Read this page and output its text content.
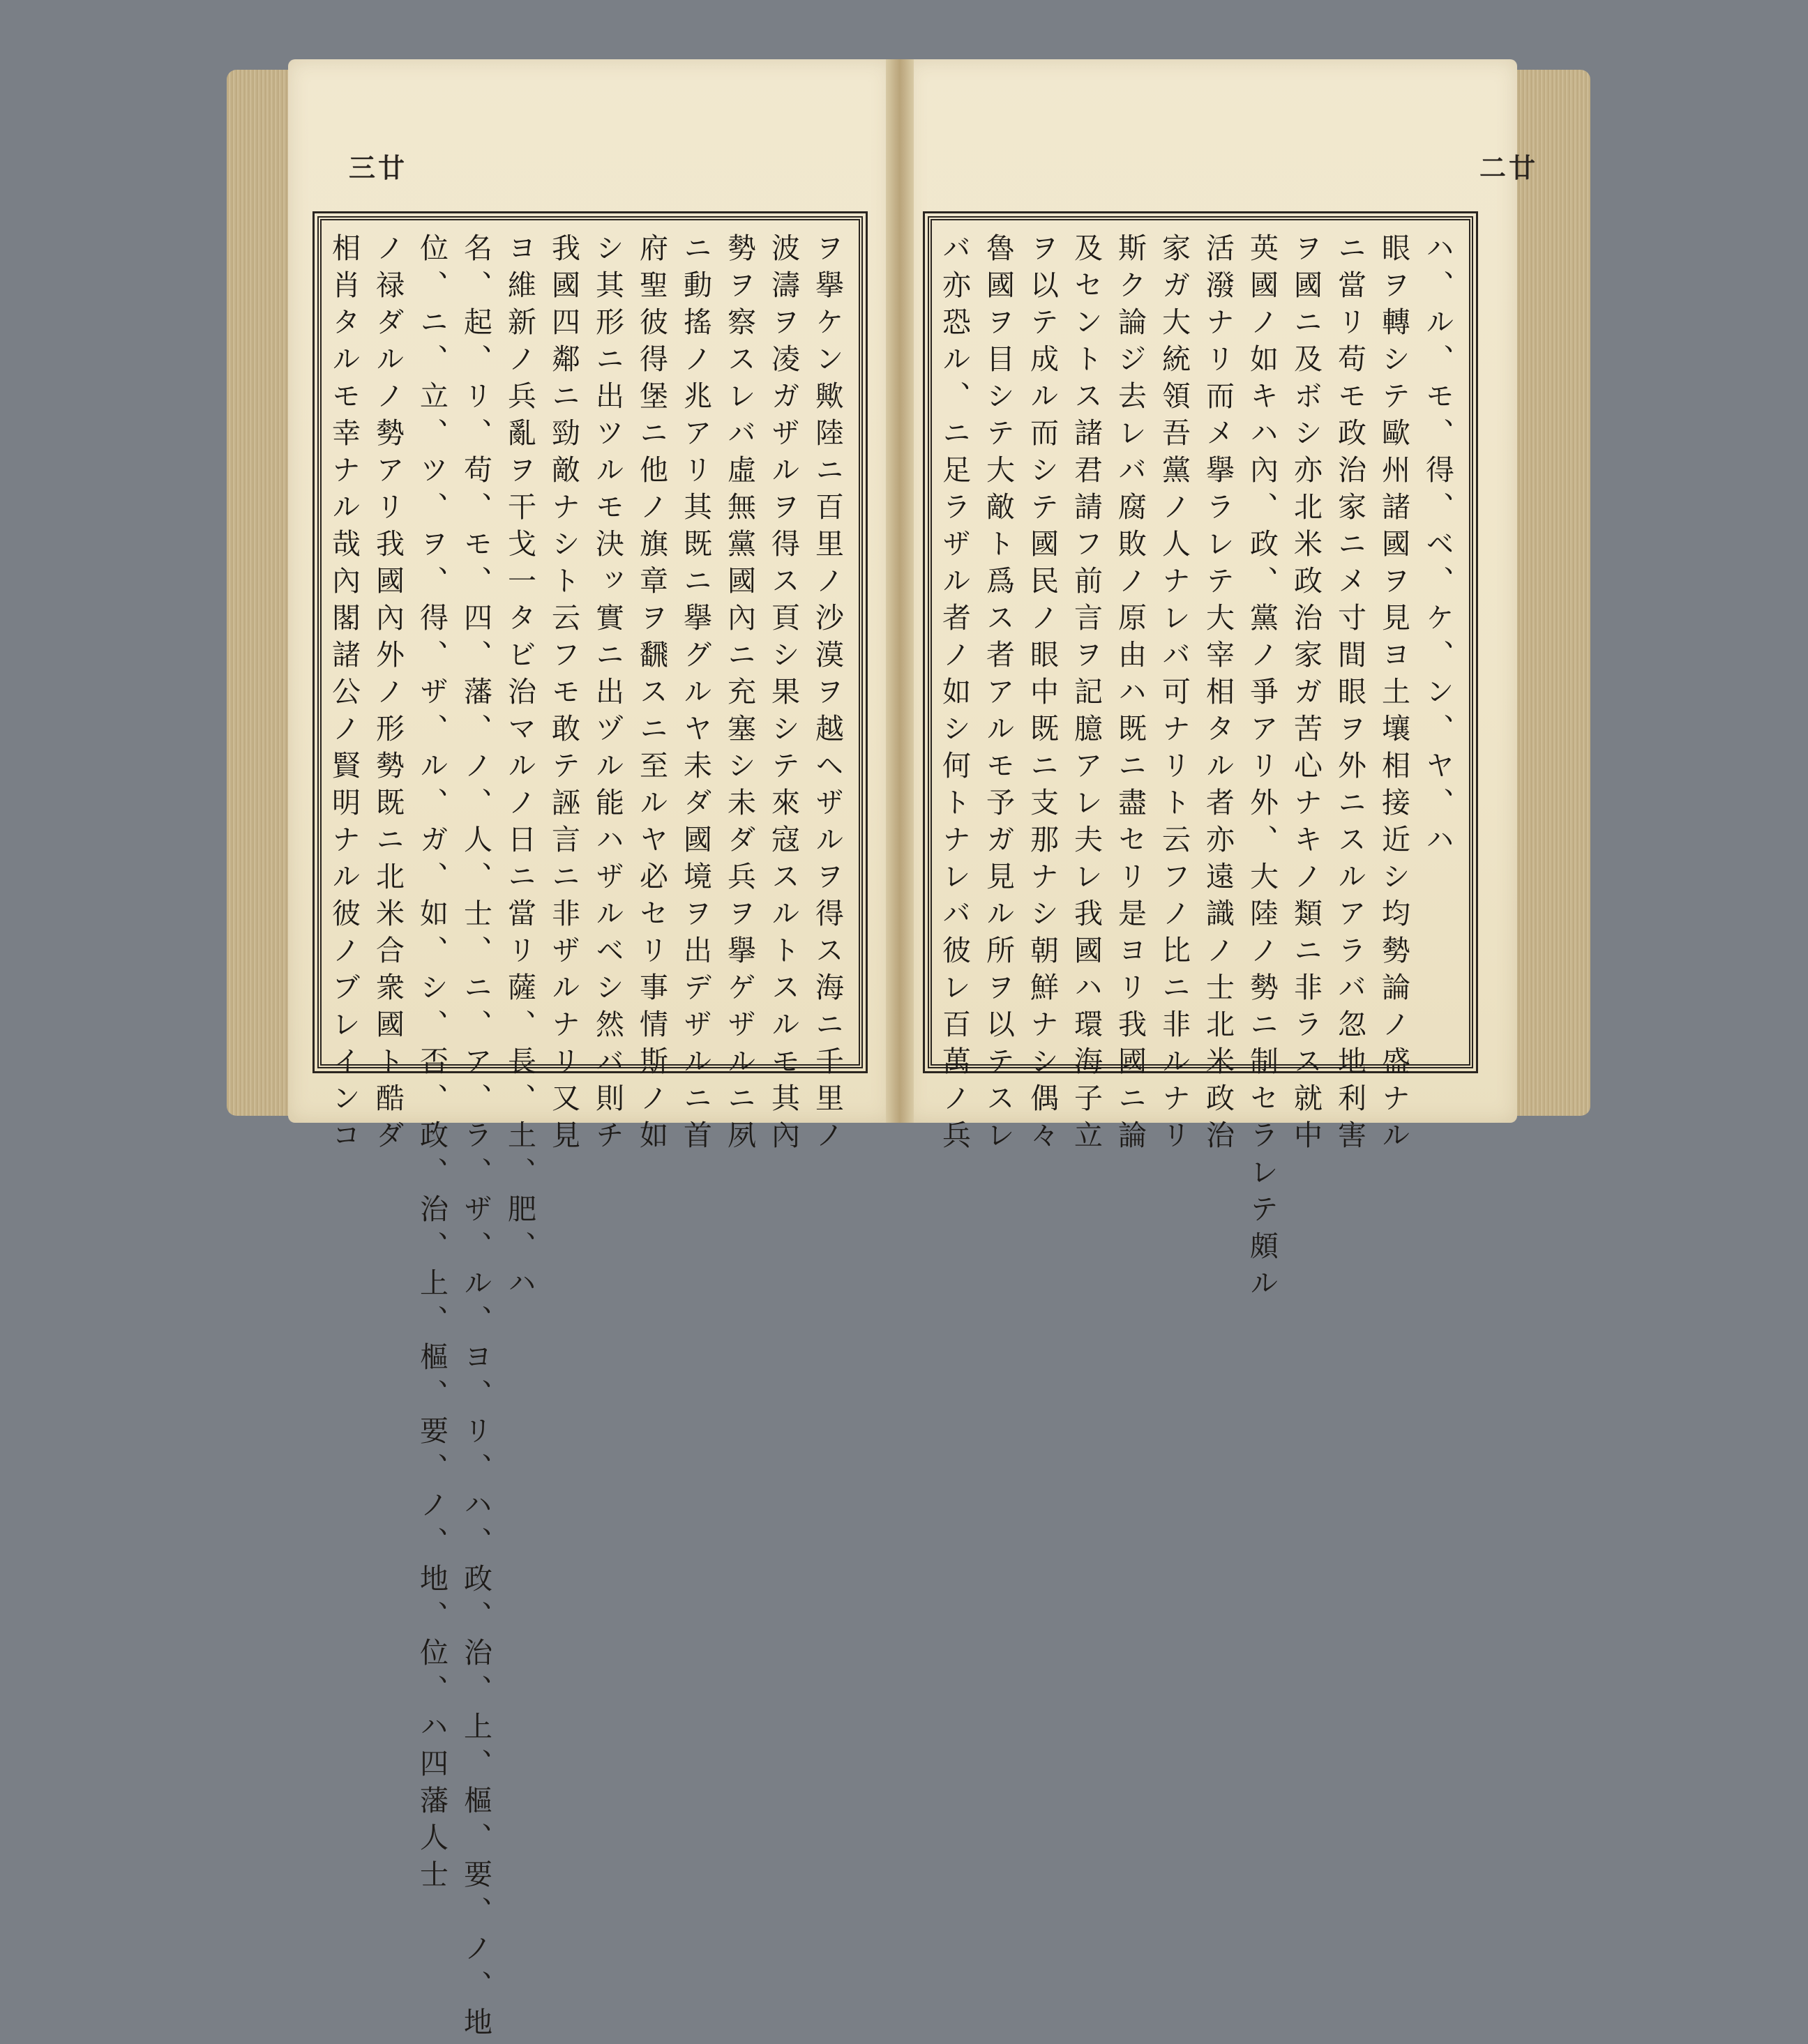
三廿	二廿
ヲ擧ケン歟陸ニ百里ノ沙漠ヲ越ヘザルヲ得ス海ニ千里ノ
波濤ヲ凌ガザルヲ得ス頁シ果シテ來寇スルトスルモ其內
勢ヲ察スレバ虛無黨國內ニ充塞シ未ダ兵ヲ擧ゲザルニ夙
ニ動搖ノ兆アリ其既ニ擧グルヤ未ダ國境ヲ出デザルニ首
府聖彼得堡ニ他ノ旗章ヲ飜スニ至ルヤ必セリ事情斯ノ如
シ其形ニ出ツルモ決ッ實ニ出ヅル能ハザルベシ然バ則チ
我國四鄰ニ勁敵ナシト云フモ敢テ誣言ニ非ザルナリ又見
ヨ維新ノ兵亂ヲ干戈一タビ治マルノ日ニ當リ薩、長、土、肥、ハ
名、起、リ、苟、モ、四、藩、ノ、人、士、ニ、ア、ラ、ザ、ル、ヨ、リ、ハ、政、治、上、樞、要、ノ、地
位、ニ、立、ツ、ヲ、得、ザ、ル、ガ、如、シ、否、政、治、上、樞、要、ノ、地、位、ハ四藩人士
ノ禄ダルノ勢アリ我國內外ノ形勢既ニ北米合衆國ト酷ダ
相肖タルモ幸ナル哉內閣諸公ノ賢明ナル彼ノブレインコ	ハ、ル、モ、得、ベ、ケ、ン、ヤ、ハ
眼ヲ轉シテ歐州諸國ヲ見ヨ土壤相接近シ均勢論ノ盛ナル
ニ當リ苟モ政治家ニメ寸間眼ヲ外ニスルアラバ忽地利害
ヲ國ニ及ボシ亦北米政治家ガ苦心ナキノ類ニ非ラス就中
英國ノ如キハ內、政、黨ノ爭アリ外、大陸ノ勢ニ制セラレテ頗ル
活潑ナリ而メ擧ラレテ大宰相タル者亦遠識ノ士北米政治
家ガ大統領吾黨ノ人ナレバ可ナリト云フノ比ニ非ルナリ
斯ク論ジ去レバ腐敗ノ原由ハ既ニ盡セリ是ヨリ我國ニ論
及セントス諸君請フ前言ヲ記臆アレ夫レ我國ハ環海子立
ヲ以テ成ル而シテ國民ノ眼中既ニ支那ナシ朝鮮ナシ偶々
魯國ヲ目シテ大敵ト爲ス者アルモ予ガ見ル所ヲ以テスレ
バ亦恐ル、ニ足ラザル者ノ如シ何トナレバ彼レ百萬ノ兵
